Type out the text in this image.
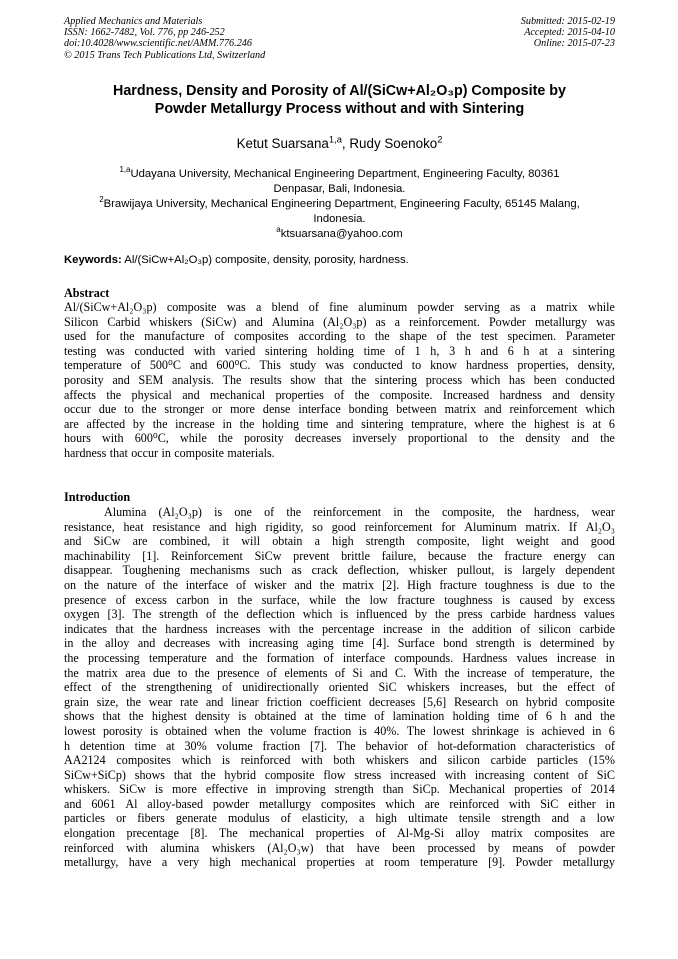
Applied Mechanics and Materials
ISSN: 1662-7482, Vol. 776, pp 246-252
doi:10.4028/www.scientific.net/AMM.776.246
© 2015 Trans Tech Publications Ltd, Switzerland
Submitted: 2015-02-19
Accepted: 2015-04-10
Online: 2015-07-23
Hardness, Density and Porosity of Al/(SiCw+Al₂O₃p) Composite by
Powder Metallurgy Process without and with Sintering
Ketut Suarsana$^{1,a}$, Rudy Soenoko$^2$
$^{1,a}$Udayana University, Mechanical Engineering Department, Engineering Faculty, 80361
Denpasar, Bali, Indonesia.
$^2$Brawijaya University, Mechanical Engineering Department, Engineering Faculty, 65145 Malang,
Indonesia.
$^a$ktsuarsana@yahoo.com
Keywords: Al/(SiCw+Al₂O₃p) composite, density, porosity, hardness.
Abstract
Al/(SiCw+Al₂O₃p) composite was a blend of fine aluminum powder serving as a matrix while
Silicon Carbid whiskers (SiCw) and Alumina (Al₂O₃p) as a reinforcement. Powder metallurgy was
used for the manufacture of composites according to the shape of the test specimen. Parameter
testing was conducted with varied sintering holding time of 1 h, 3 h and 6 h at a sintering
temperature of 500⁰C and 600⁰C. This study was conducted to know hardness properties, density,
porosity and SEM analysis. The results show that the sintering process which has been conducted
affects the physical and mechanical properties of the composite. Increased hardness and density
occur due to the stronger or more dense interface bonding between matrix and reinforcement which
are affected by the increase in the holding time and sintering temprature, where the highest is at 6
hours with 600⁰C, while the porosity decreases inversely proportional to the density and the
hardness that occur in composite materials.
Introduction
Alumina (Al₂O₃p) is one of the reinforcement in the composite, the hardness, wear
resistance, heat resistance and high rigidity, so good reinforcement for Aluminum matrix. If Al₂O₃
and SiCw are combined, it will obtain a high strength composite, light weight and good
machinability [1]. Reinforcement SiCw prevent brittle failure, because the fracture energy can
disappear. Toughening mechanisms such as crack deflection, whisker pullout, is largely dependent
on the nature of the interface of wisker and the matrix [2]. High fracture toughness is due to the
presence of excess carbon in the surface, while the low fracture toughness is caused by excess
oxygen [3]. The strength of the deflection which is influenced by the press carbide hardness values
indicates that the hardness increases with the percentage increase in the addition of silicon carbide
in the alloy and decreases with increasing aging time [4]. Surface bond strength is determined by
the processing temperature and the formation of interface compounds. Hardness values increase in
the matrix area due to the presence of elements of Si and C. With the increase of temperature, the
effect of the strengthening of unidirectionally oriented SiC whiskers increases, but the effect of
grain size, the wear rate and linear friction coefficient decreases [5,6] Research on hybrid composite
shows that the highest density is obtained at the time of lamination holding time of 6 h and the
lowest porosity is obtained when the volume fraction is 40%. The lowest shrinkage is achieved in 6
h detention time at 30% volume fraction [7]. The behavior of hot-deformation characteristics of
AA2124 composites which is reinforced with both whiskers and silicon carbide particles (15%
SiCw+SiCp) shows that the hybrid composite flow stress increased with increasing content of SiC
whiskers. SiCw is more effective in improving strength than SiCp. Mechanical properties of 2014
and 6061 Al alloy-based powder metallurgy composites which are reinforced with SiC either in
particles or fibers generate modulus of elasticity, a high ultimate tensile strength and a low
elongation precentage [8]. The mechanical properties of Al-Mg-Si alloy matrix composites are
reinforced with alumina whiskers (Al₂O₃w) that have been processed by means of powder
metallurgy, have a very high mechanical properties at room temperature [9]. Powder metallurgy
